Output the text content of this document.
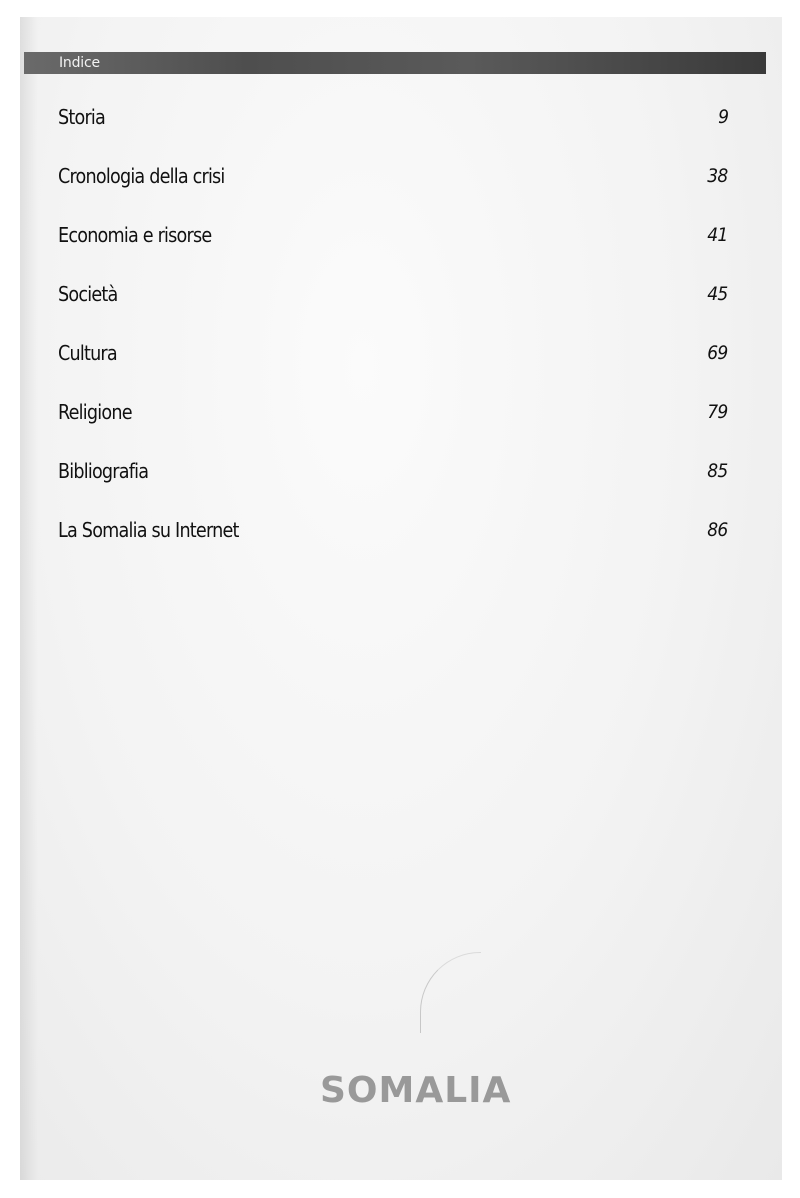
Indice
Storia	9
Cronologia della crisi	38
Economia e risorse	41
Società	45
Cultura	69
Religione	79
Bibliografia	85
La Somalia su Internet	86
SOMALIA
